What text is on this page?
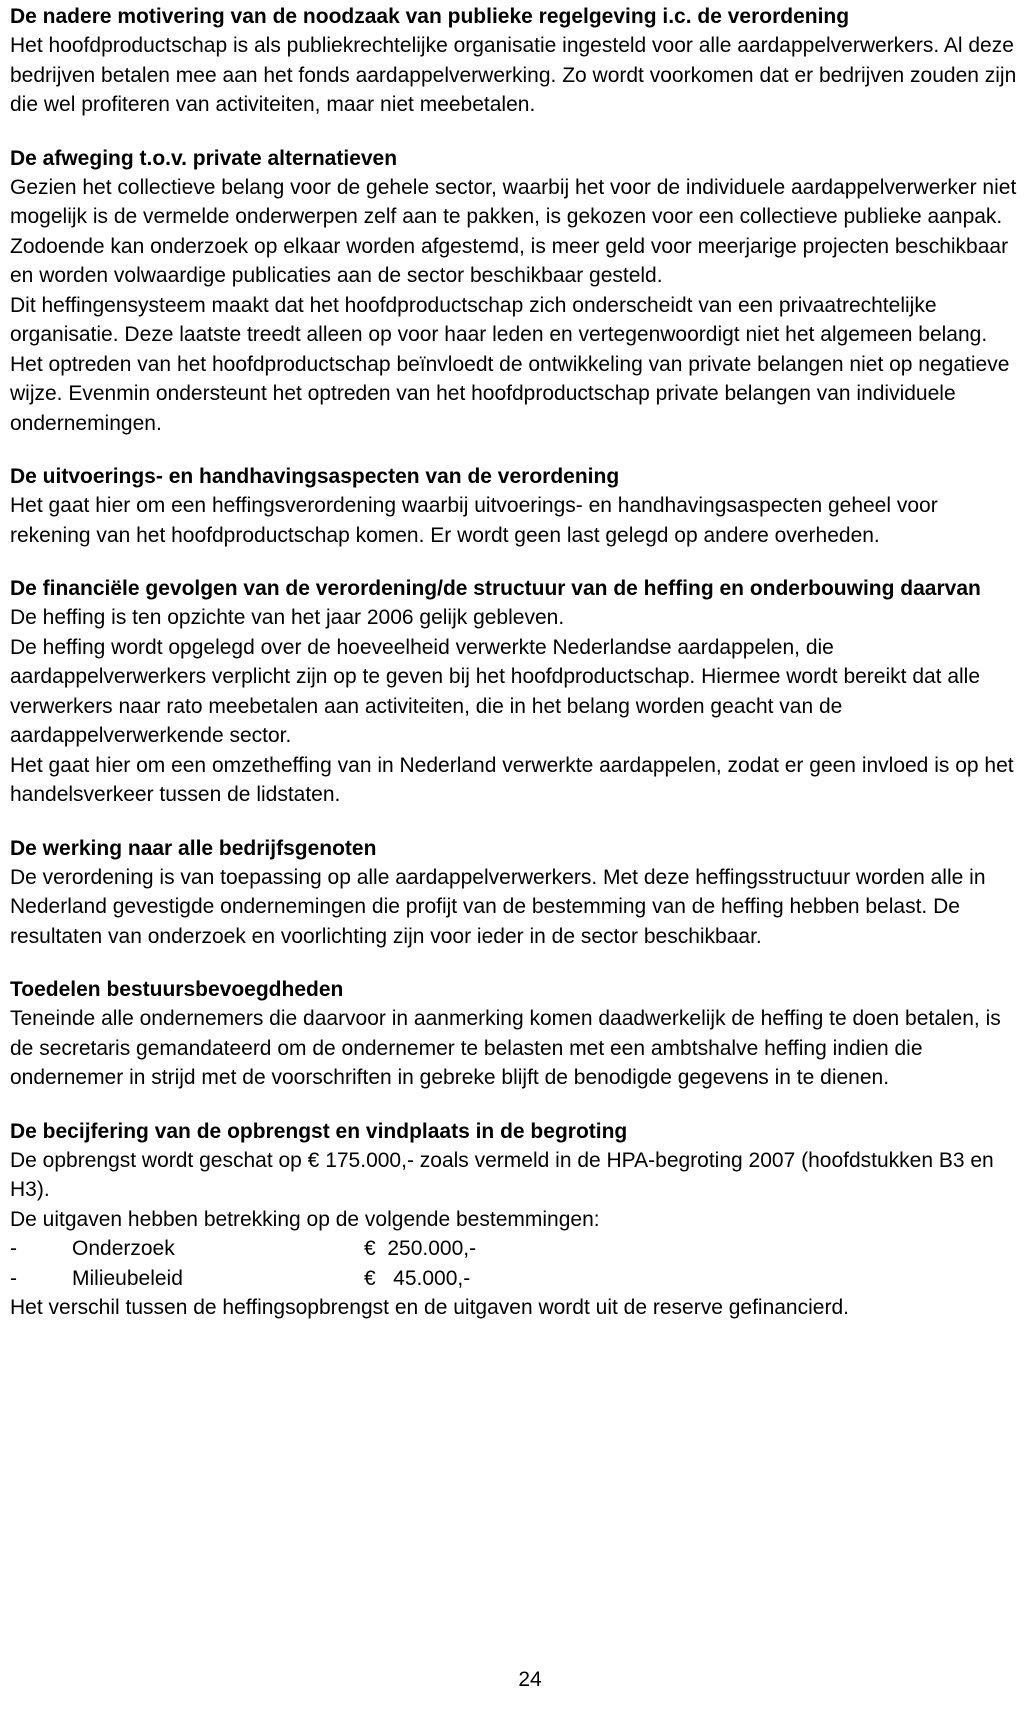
De nadere motivering van de noodzaak van publieke regelgeving i.c. de verordening

Het hoofdproductschap is als publiekrechtelijke organisatie ingesteld voor alle aardappelverwerkers. Al deze bedrijven betalen mee aan het fonds aardappelverwerking. Zo wordt voorkomen dat er bedrijven zouden zijn die wel profiteren van activiteiten, maar niet meebetalen.

De afweging t.o.v. private alternatieven

Gezien het collectieve belang voor de gehele sector, waarbij het voor de individuele aardappelverwerker niet mogelijk is de vermelde onderwerpen zelf aan te pakken, is gekozen voor een collectieve publieke aanpak. Zodoende kan onderzoek op elkaar worden afgestemd, is meer geld voor meerjarige projecten beschikbaar en worden volwaardige publicaties aan de sector beschikbaar gesteld.

Dit heffingensysteem maakt dat het hoofdproductschap zich onderscheidt van een privaatrechtelijke organisatie. Deze laatste treedt alleen op voor haar leden en vertegenwoordigt niet het algemeen belang. Het optreden van het hoofdproductschap beïnvloedt de ontwikkeling van private belangen niet op negatieve wijze. Evenmin ondersteunt het optreden van het hoofdproductschap private belangen van individuele ondernemingen.

De uitvoerings- en handhavingsaspecten van de verordening

Het gaat hier om een heffingsverordening waarbij uitvoerings- en handhavingsaspecten geheel voor rekening van het hoofdproductschap komen. Er wordt geen last gelegd op andere overheden.

De financiële gevolgen van de verordening/de structuur van de heffing en onderbouwing daarvan

De heffing is ten opzichte van het jaar 2006 gelijk gebleven.

De heffing wordt opgelegd over de hoeveelheid verwerkte Nederlandse aardappelen, die aardappelverwerkers verplicht zijn op te geven bij het hoofdproductschap. Hiermee wordt bereikt dat alle verwerkers naar rato meebetalen aan activiteiten, die in het belang worden geacht van de aardappelverwerkende sector.

Het gaat hier om een omzetheffing van in Nederland verwerkte aardappelen, zodat er geen invloed is op het handelsverkeer tussen de lidstaten.

De werking naar alle bedrijfsgenoten

De verordening is van toepassing op alle aardappelverwerkers. Met deze heffingsstructuur worden alle in Nederland gevestigde ondernemingen die profijt van de bestemming van de heffing hebben belast. De resultaten van onderzoek en voorlichting zijn voor ieder in de sector beschikbaar.

Toedelen bestuursbevoegdheden

Teneinde alle ondernemers die daarvoor in aanmerking komen daadwerkelijk de heffing te doen betalen, is de secretaris gemandateerd om de ondernemer te belasten met een ambtshalve heffing indien die ondernemer in strijd met de voorschriften in gebreke blijft de benodigde gegevens in te dienen.

De becijfering van de opbrengst en vindplaats in de begroting

De opbrengst wordt geschat op € 175.000,- zoals vermeld in de HPA-begroting 2007 (hoofdstukken B3 en H3).

De uitgaven hebben betrekking op de volgende bestemmingen:

-	Onderzoek	€  250.000,-
-	Milieubeleid	€   45.000,-

Het verschil tussen de heffingsopbrengst en de uitgaven wordt uit de reserve gefinancierd.

24
